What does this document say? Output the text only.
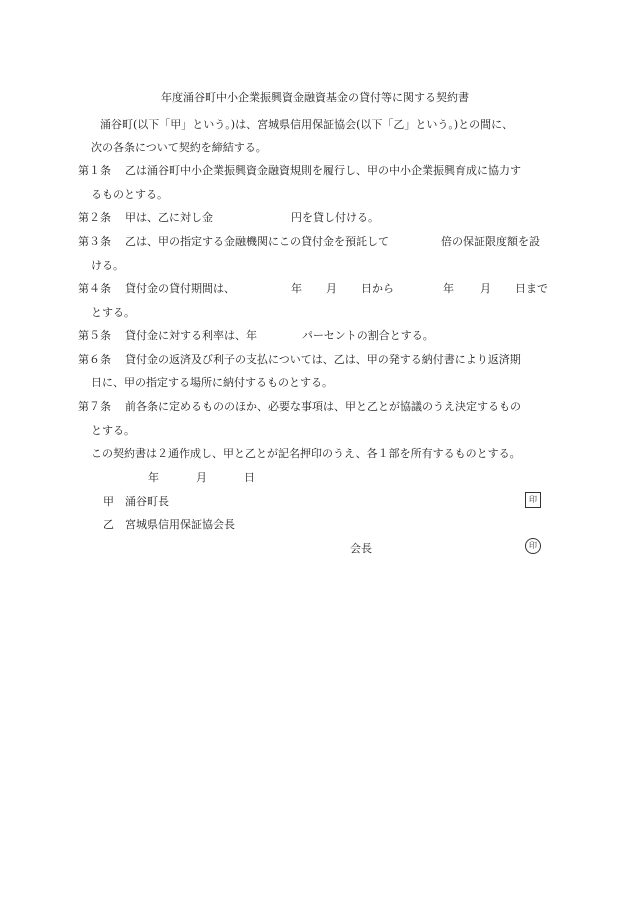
年度涌谷町中小企業振興資金融資基金の貸付等に関する契約書
涌谷町(以下「甲」という。)は、宮城県信用保証協会(以下「乙」という。)との間に、
次の各条について契約を締結する。
第１条 乙は涌谷町中小企業振興資金融資規則を履行し、甲の中小企業振興育成に協力す
るものとする。
第２条 甲は、乙に対し金	円を貸し付ける。
第３条 乙は、甲の指定する金融機関にこの貸付金を預託して	倍の保証限度額を設
ける。
第４条 貸付金の貸付期間は、	年 月 日から	年 月 日まで
とする。
第５条 貸付金に対する利率は、年	パーセントの割合とする。
第６条 貸付金の返済及び利子の支払については、乙は、甲の発する納付書により返済期
日に、甲の指定する場所に納付するものとする。
第７条 前各条に定めるもののほか、必要な事項は、甲と乙とが協議のうえ決定するもの
とする。
この契約書は２通作成し、甲と乙とが記名押印のうえ、各１部を所有するものとする。
年	月	日
甲 涌谷町長	印
乙 宮城県信用保証協会長
会長	印
